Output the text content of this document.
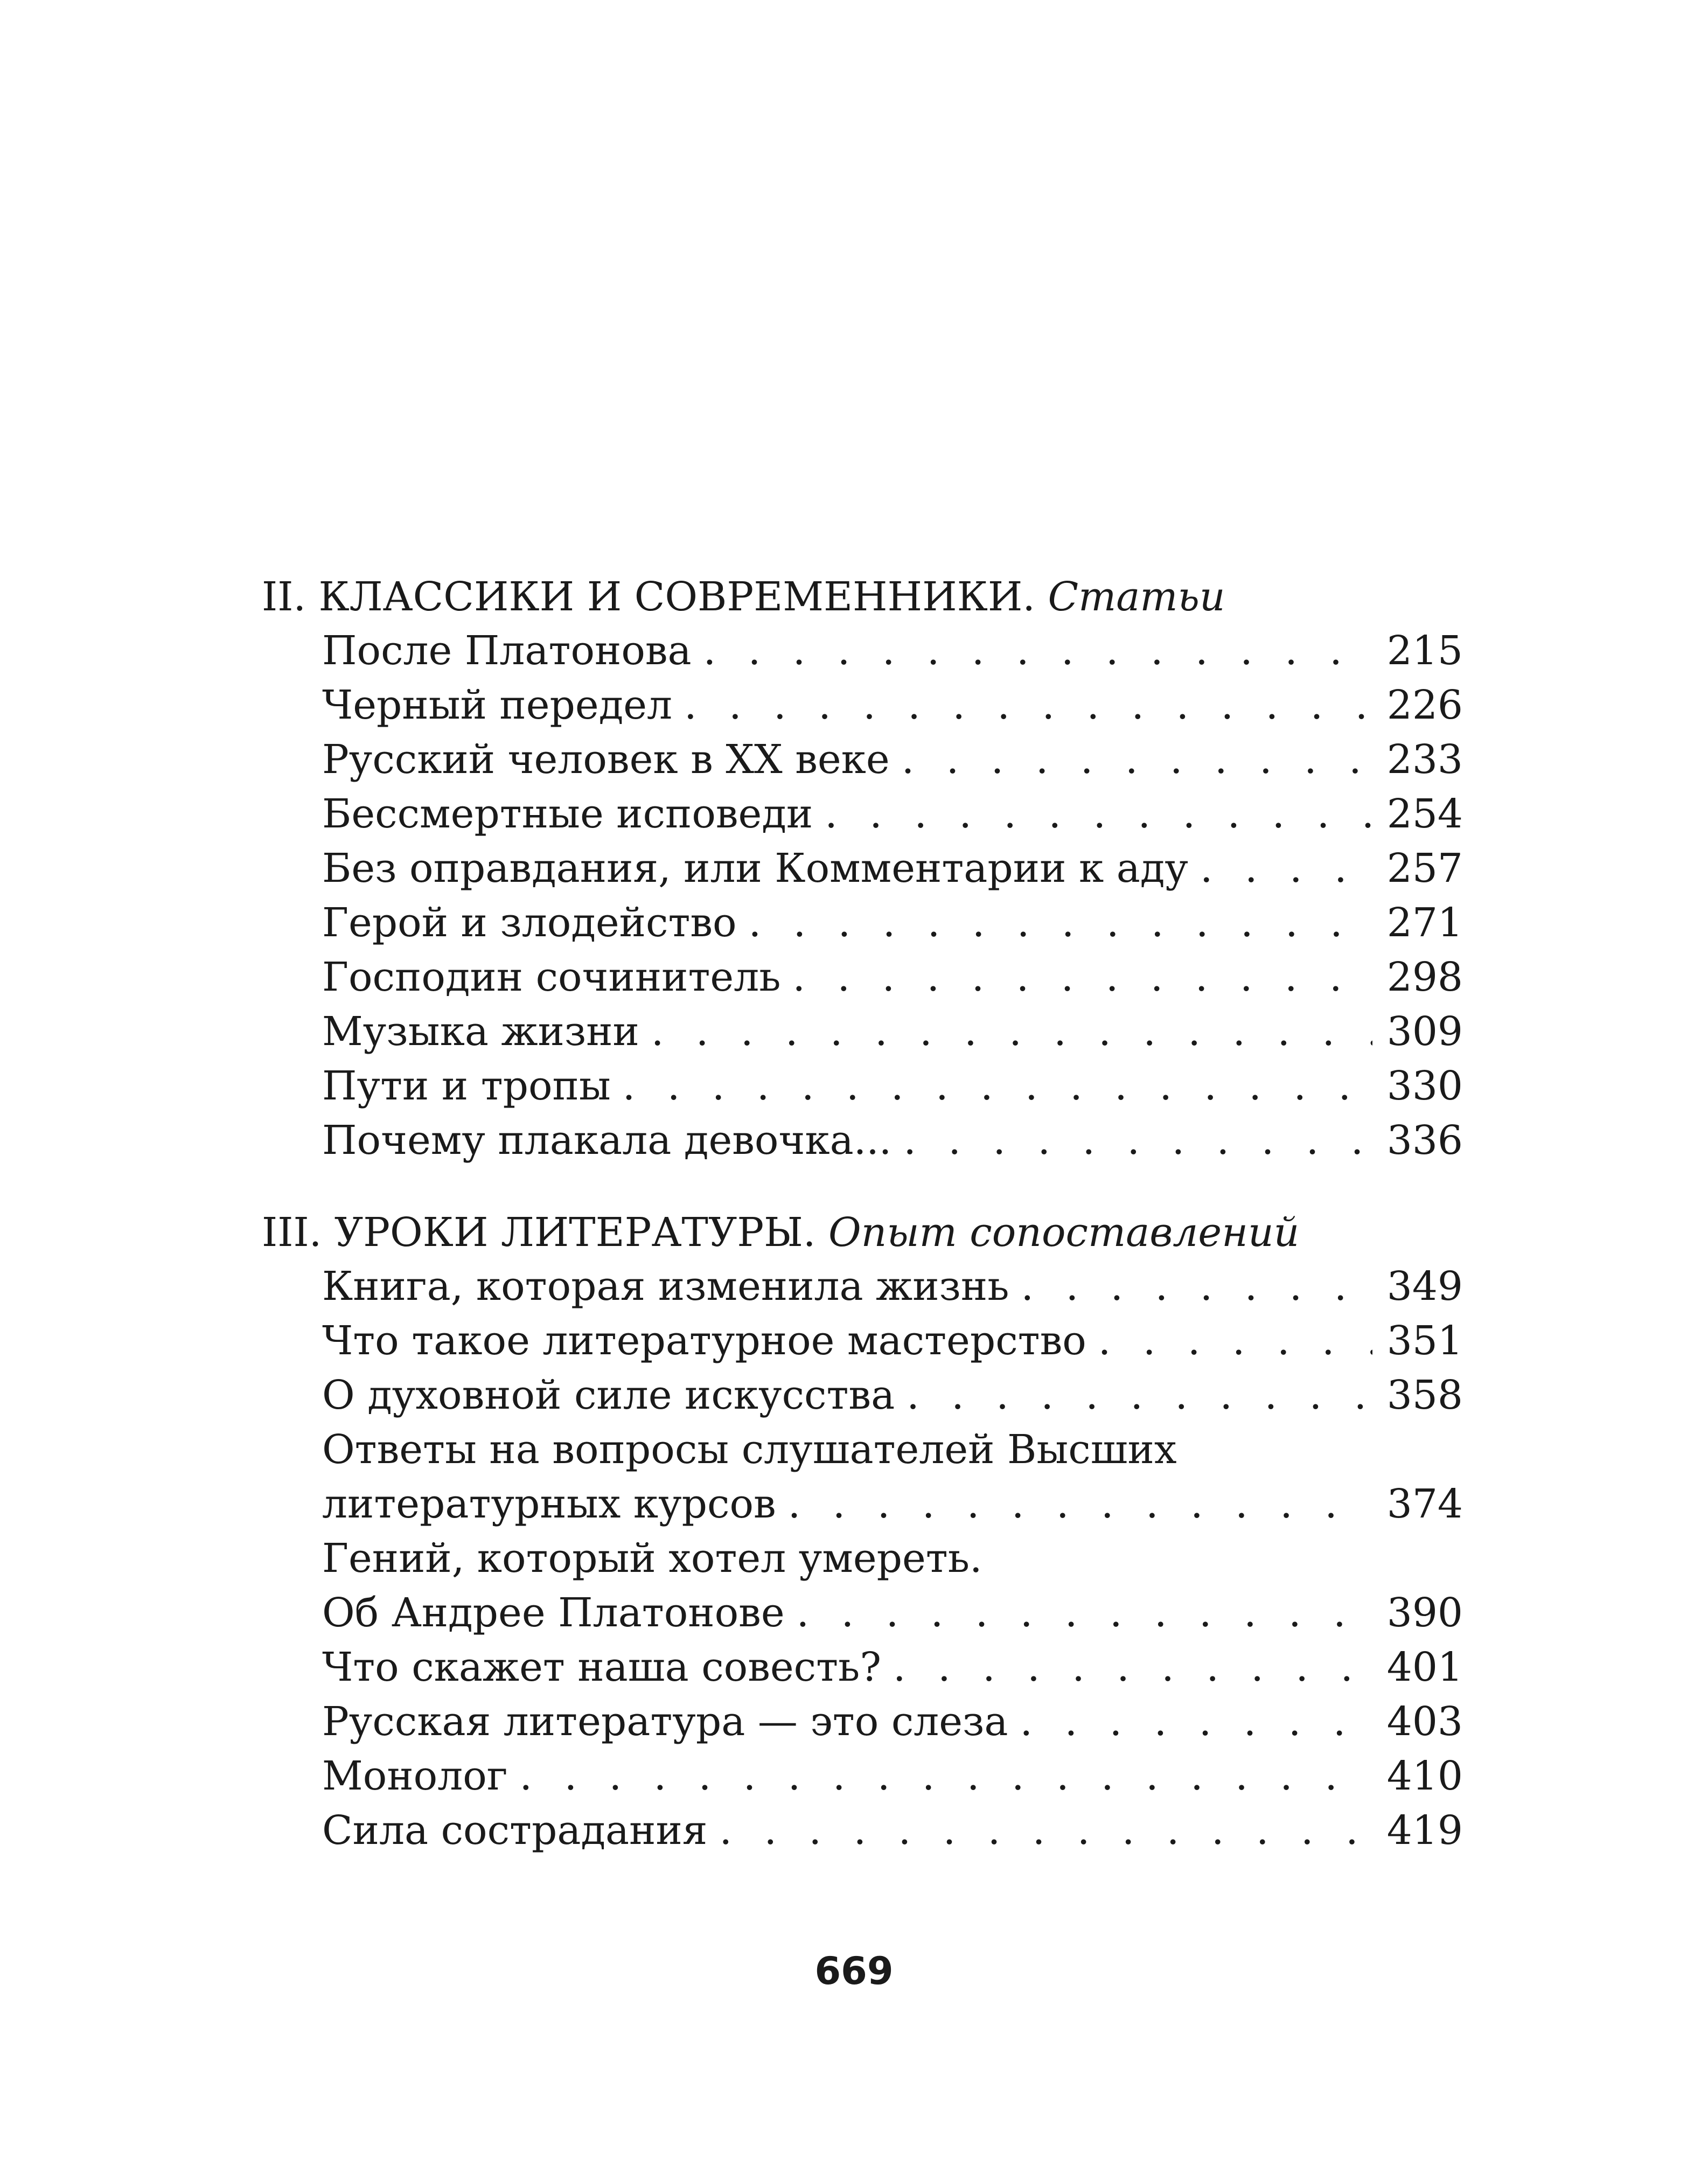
II. КЛАССИКИ И СОВРЕМЕННИКИ. Статьи
После Платонова . . .	215
Черный передел . . .	226
Русский человек в XX веке . . .	233
Бессмертные исповеди . . .	254
Без оправдания, или Комментарии к аду . . .	257
Герой и злодейство . . .	271
Господин сочинитель . . .	298
Музыка жизни . . .	309
Пути и тропы . . .	330
Почему плакала девочка... . . .	336
III. УРОКИ ЛИТЕРАТУРЫ. Опыт сопоставлений
Книга, которая изменила жизнь . . .	349
Что такое литературное мастерство . . .	351
О духовной силе искусства . . .	358
Ответы на вопросы слушателей Высших
литературных курсов . . .	374
Гений, который хотел умереть.
Об Андрее Платонове . . .	390
Что скажет наша совесть? . . .	401
Русская литература — это слеза . . .	403
Монолог . . .	410
Сила сострадания . . .	419
669
